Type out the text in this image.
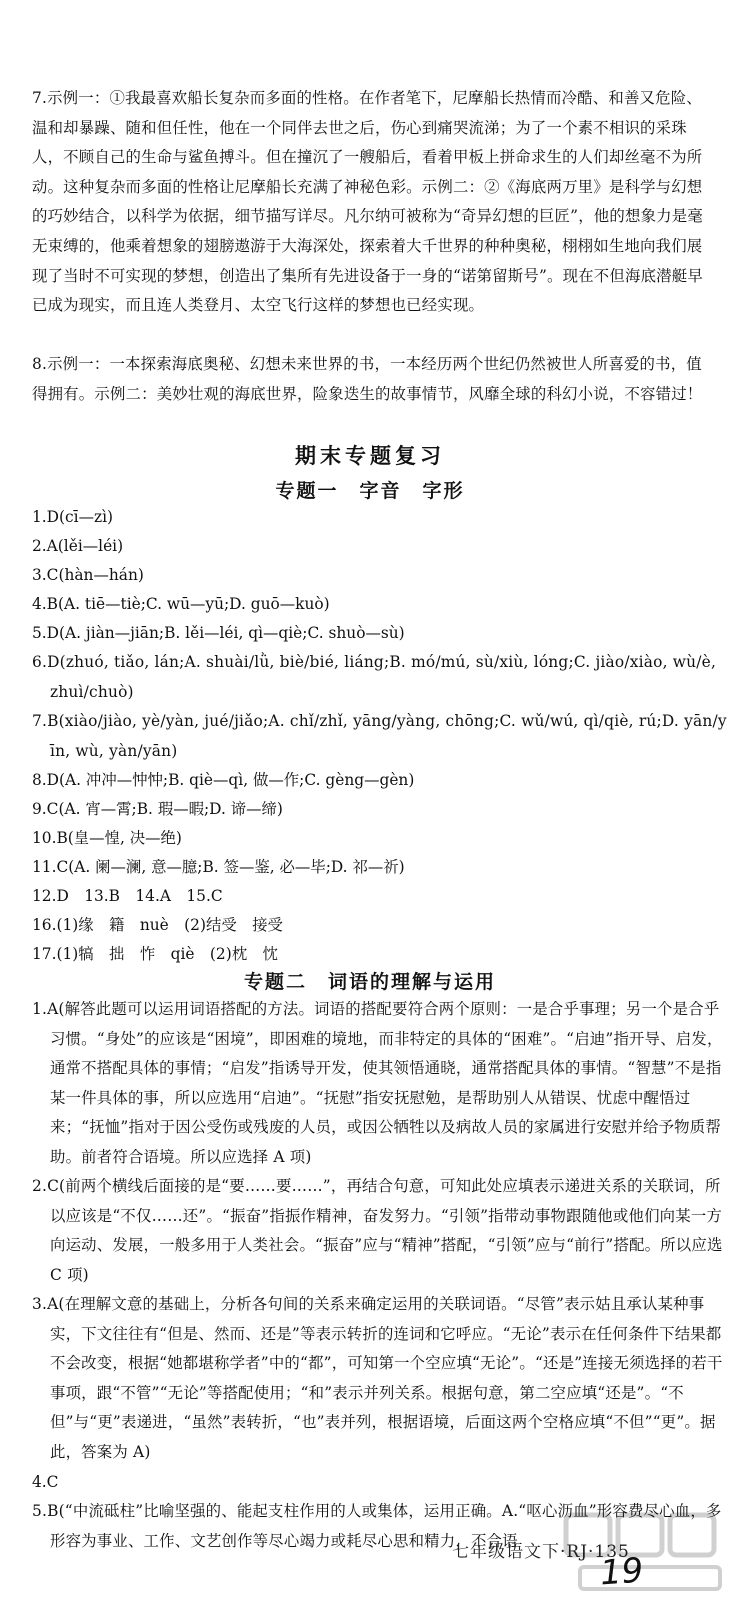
7.示例一：①我最喜欢船长复杂而多面的性格。在作者笔下，尼摩船长热情而冷酷、和善又危险、温和却暴躁、随和但任性，他在一个同伴去世之后，伤心到痛哭流涕；为了一个素不相识的采珠人，不顾自己的生命与鲨鱼搏斗。但在撞沉了一艘船后，看着甲板上拼命求生的人们却丝毫不为所动。这种复杂而多面的性格让尼摩船长充满了神秘色彩。示例二：②《海底两万里》是科学与幻想的巧妙结合，以科学为依据，细节描写详尽。凡尔纳可被称为“奇异幻想的巨匠”，他的想象力是毫无束缚的，他乘着想象的翅膀遨游于大海深处，探索着大千世界的种种奥秘，栩栩如生地向我们展现了当时不可实现的梦想，创造出了集所有先进设备于一身的“诺第留斯号”。现在不但海底潜艇早已成为现实，而且连人类登月、太空飞行这样的梦想也已经实现。

8.示例一：一本探索海底奥秘、幻想未来世界的书，一本经历两个世纪仍然被世人所喜爱的书，值得拥有。示例二：美妙壮观的海底世界，险象迭生的故事情节，风靡全球的科幻小说，不容错过！

期末专题复习
专题一　字音　字形
1.D(cī—zì)
2.A(lěi—léi)
3.C(hàn—hán)
4.B(A. tiē—tiè;C. wū—yū;D. guō—kuò)
5.D(A. jiàn—jiān;B. lěi—léi, qì—qiè;C. shuò—sù)

6.D(zhuó, tiǎo, lán;A. shuài/lǜ, biè/bié, liáng;B. mó/mú, sù/xiù, lóng;C. jiào/xiào, wù/è, zhuì/chuò)

7.B(xiào/jiào, yè/yàn, jué/jiǎo;A. chǐ/zhǐ, yāng/yàng, chōng;C. wǔ/wú, qì/qiè, rú;D. yān/yīn, wù, yàn/yān)

8.D(A. 冲冲—忡忡;B. qiè—qì, 做—作;C. gèng—gèn)
9.C(A. 宵—霄;B. 瑕—暇;D. 谛—缔)
10.B(皇—惶, 决—绝)
11.C(A. 阑—澜, 意—臆;B. 签—鉴, 必—毕;D. 祁—祈)
12.D　13.B　14.A　15.C
16.(1)缘　籍　nuè　(2)结受　接受
17.(1)犒　拙　怍　qiè　(2)枕　忱
专题二　词语的理解与运用

1.A(解答此题可以运用词语搭配的方法。词语的搭配要符合两个原则：一是合乎事理；另一个是合乎习惯。“身处”的应该是“困境”，即困难的境地，而非特定的具体的“困难”。“启迪”指开导、启发，通常不搭配具体的事情；“启发”指诱导开发，使其领悟通晓，通常搭配具体的事情。“智慧”不是指某一件具体的事，所以应选用“启迪”。“抚慰”指安抚慰勉，是帮助别人从错误、忧虑中醒悟过来；“抚恤”指对于因公受伤或残废的人员，或因公牺牲以及病故人员的家属进行安慰并给予物质帮助。前者符合语境。所以应选择 A 项)

2.C(前两个横线后面接的是“要……要……”，再结合句意，可知此处应填表示递进关系的关联词，所以应该是“不仅……还”。“振奋”指振作精神，奋发努力。“引领”指带动事物跟随他或他们向某一方向运动、发展，一般多用于人类社会。“振奋”应与“精神”搭配，“引领”应与“前行”搭配。所以应选 C 项)

3.A(在理解文意的基础上，分析各句间的关系来确定运用的关联词语。“尽管”表示姑且承认某种事实，下文往往有“但是、然而、还是”等表示转折的连词和它呼应。“无论”表示在任何条件下结果都不会改变，根据“她都堪称学者”中的“都”，可知第一个空应填“无论”。“还是”连接无须选择的若干事项，跟“不管”“无论”等搭配使用；“和”表示并列关系。根据句意，第二空应填“还是”。“不但”与“更”表递进，“虽然”表转折，“也”表并列，根据语境，后面这两个空格应填“不但”“更”。据此，答案为 A)

4.C

5.B(“中流砥柱”比喻坚强的、能起支柱作用的人或集体，运用正确。A.“呕心沥血”形容费尽心血，多形容为事业、工作、文艺创作等尽心竭力或耗尽心思和精力，不合语

七年级语文下·RJ·135
19
